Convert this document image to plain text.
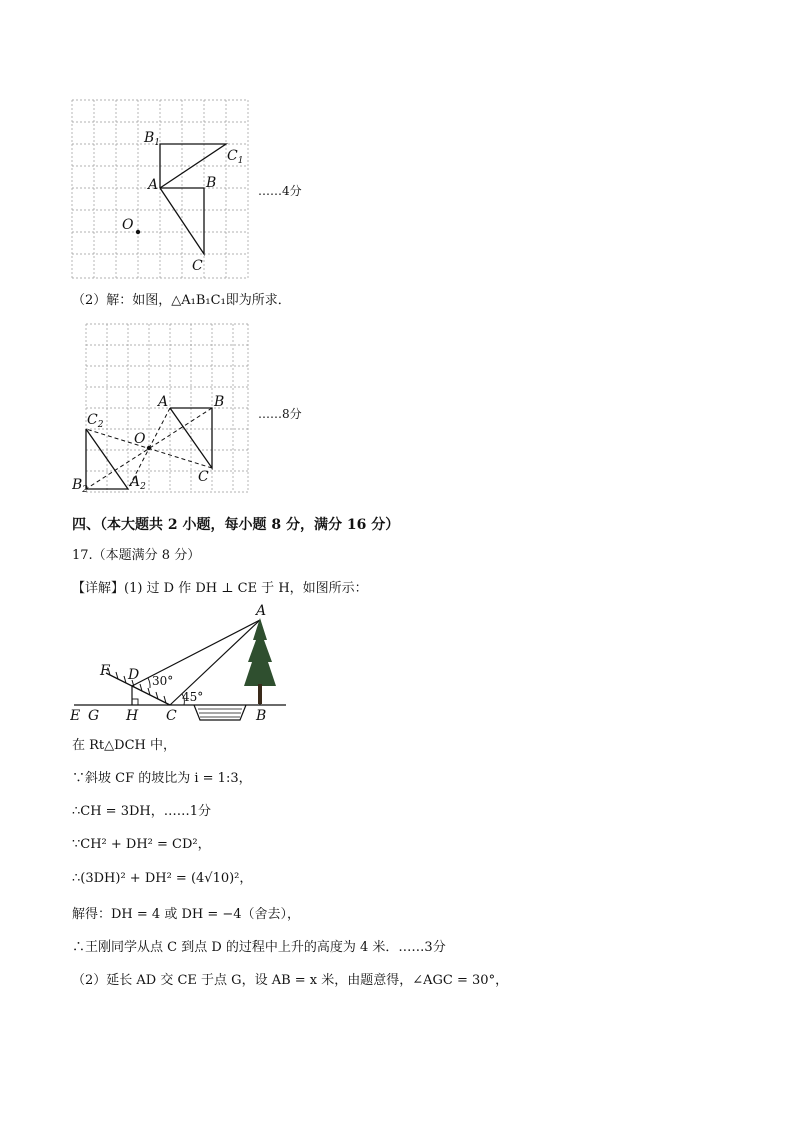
$B_1$
$C_1$
A	B
O
C
……4分
（2）解：如图，△A₁B₁C₁即为所求．
A	B
$C_2$
O
C
$B_2$	$A_2$
……8分
四、（本大题共 2 小题，每小题 8 分，满分 16 分）
17.（本题满分 8 分）
【详解】(1) 过 D 作 DH ⊥ CE 于 H，如图所示：
A
F D
E G H C	B
30°
45°
在 Rt△DCH 中，
∵斜坡 CF 的坡比为 i = 1:3，
∴CH = 3DH，……1分
∵CH² + DH² = CD²，
∴(3DH)² + DH² = (4√10)²，
解得：DH = 4 或 DH = −4（舍去），
∴王刚同学从点 C 到点 D 的过程中上升的高度为 4 米．……3分
（2）延长 AD 交 CE 于点 G，设 AB = x 米，由题意得，∠AGC = 30°，
